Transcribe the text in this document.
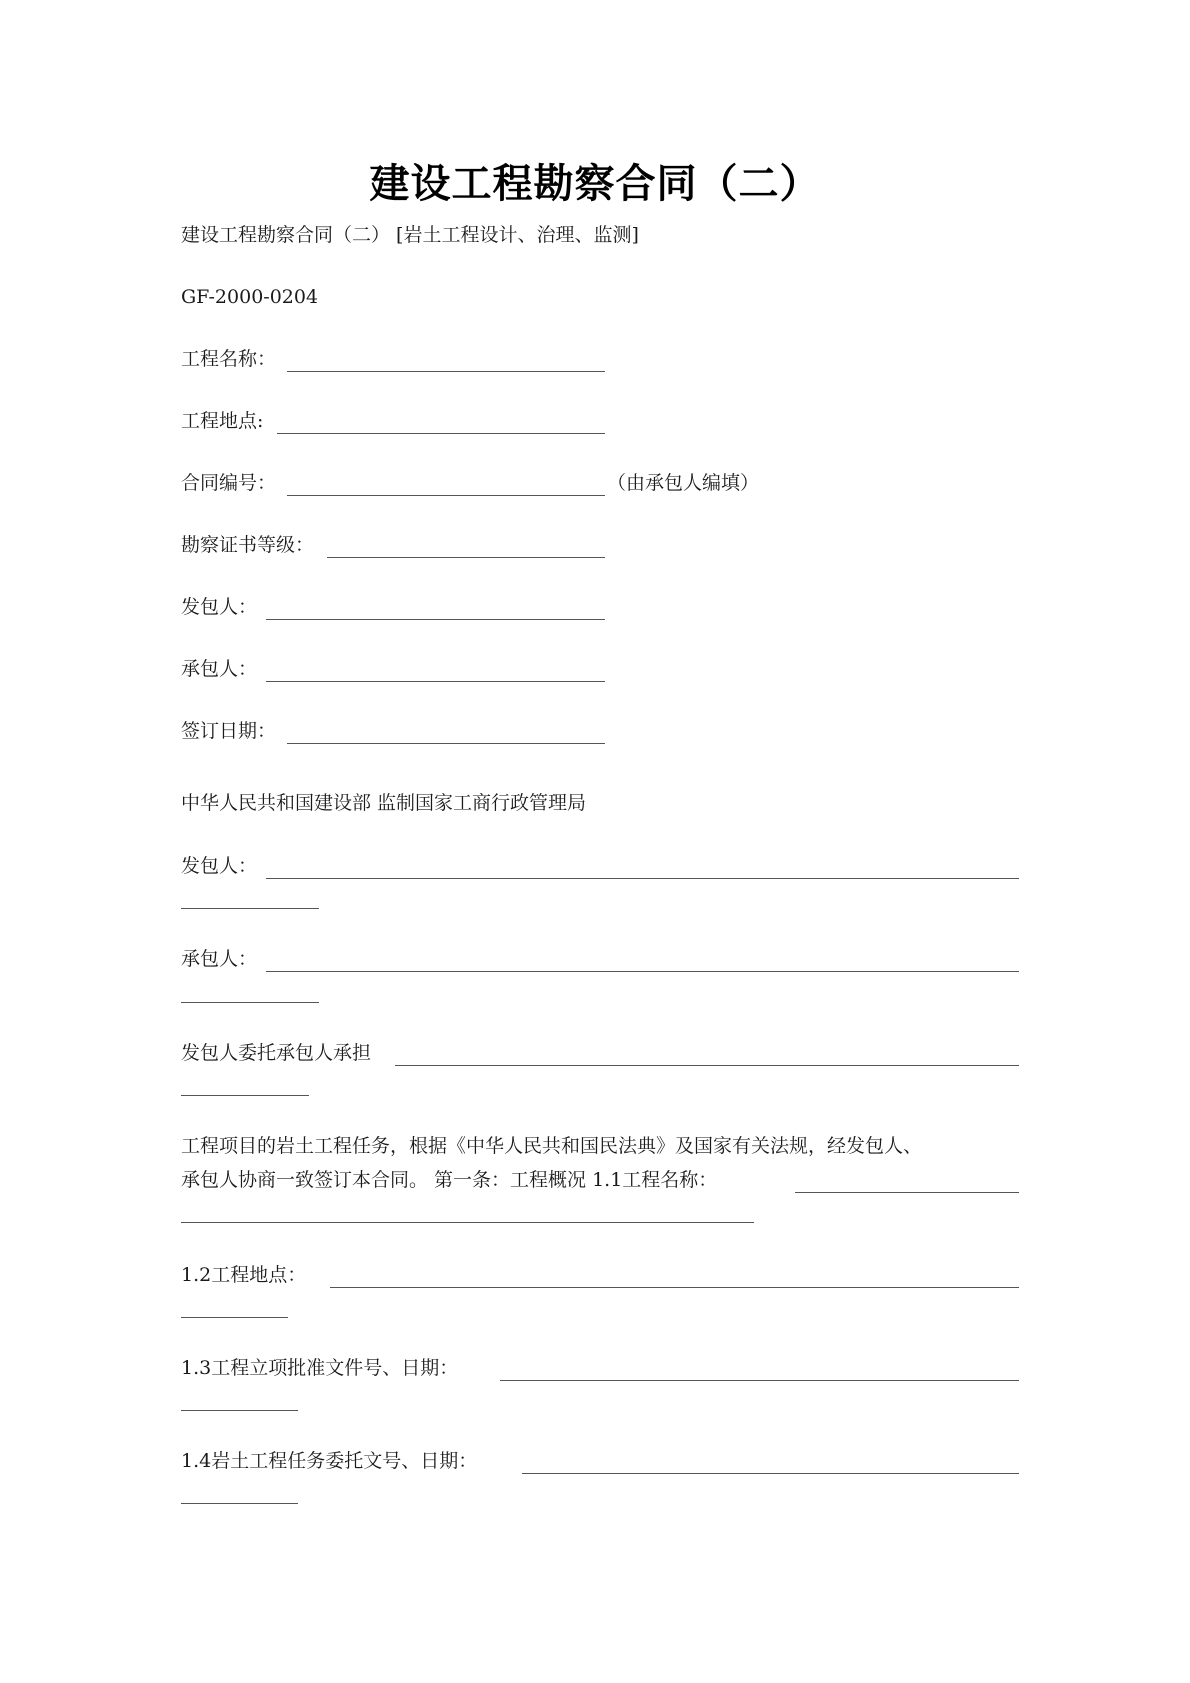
建设工程勘察合同（二）
建设工程勘察合同（二） [岩土工程设计、治理、监测]
GF-2000-0204
工程名称：
工程地点:
合同编号：	（由承包人编填）
勘察证书等级：
发包人：
承包人：
签订日期：
中华人民共和国建设部 监制国家工商行政管理局
发包人：
承包人：
发包人委托承包人承担
工程项目的岩土工程任务，根据《中华人民共和国民法典》及国家有关法规，经发包人、
承包人协商一致签订本合同。 第一条：工程概况 1.1工程名称：
1.2工程地点：
1.3工程立项批准文件号、日期：
1.4岩土工程任务委托文号、日期：
